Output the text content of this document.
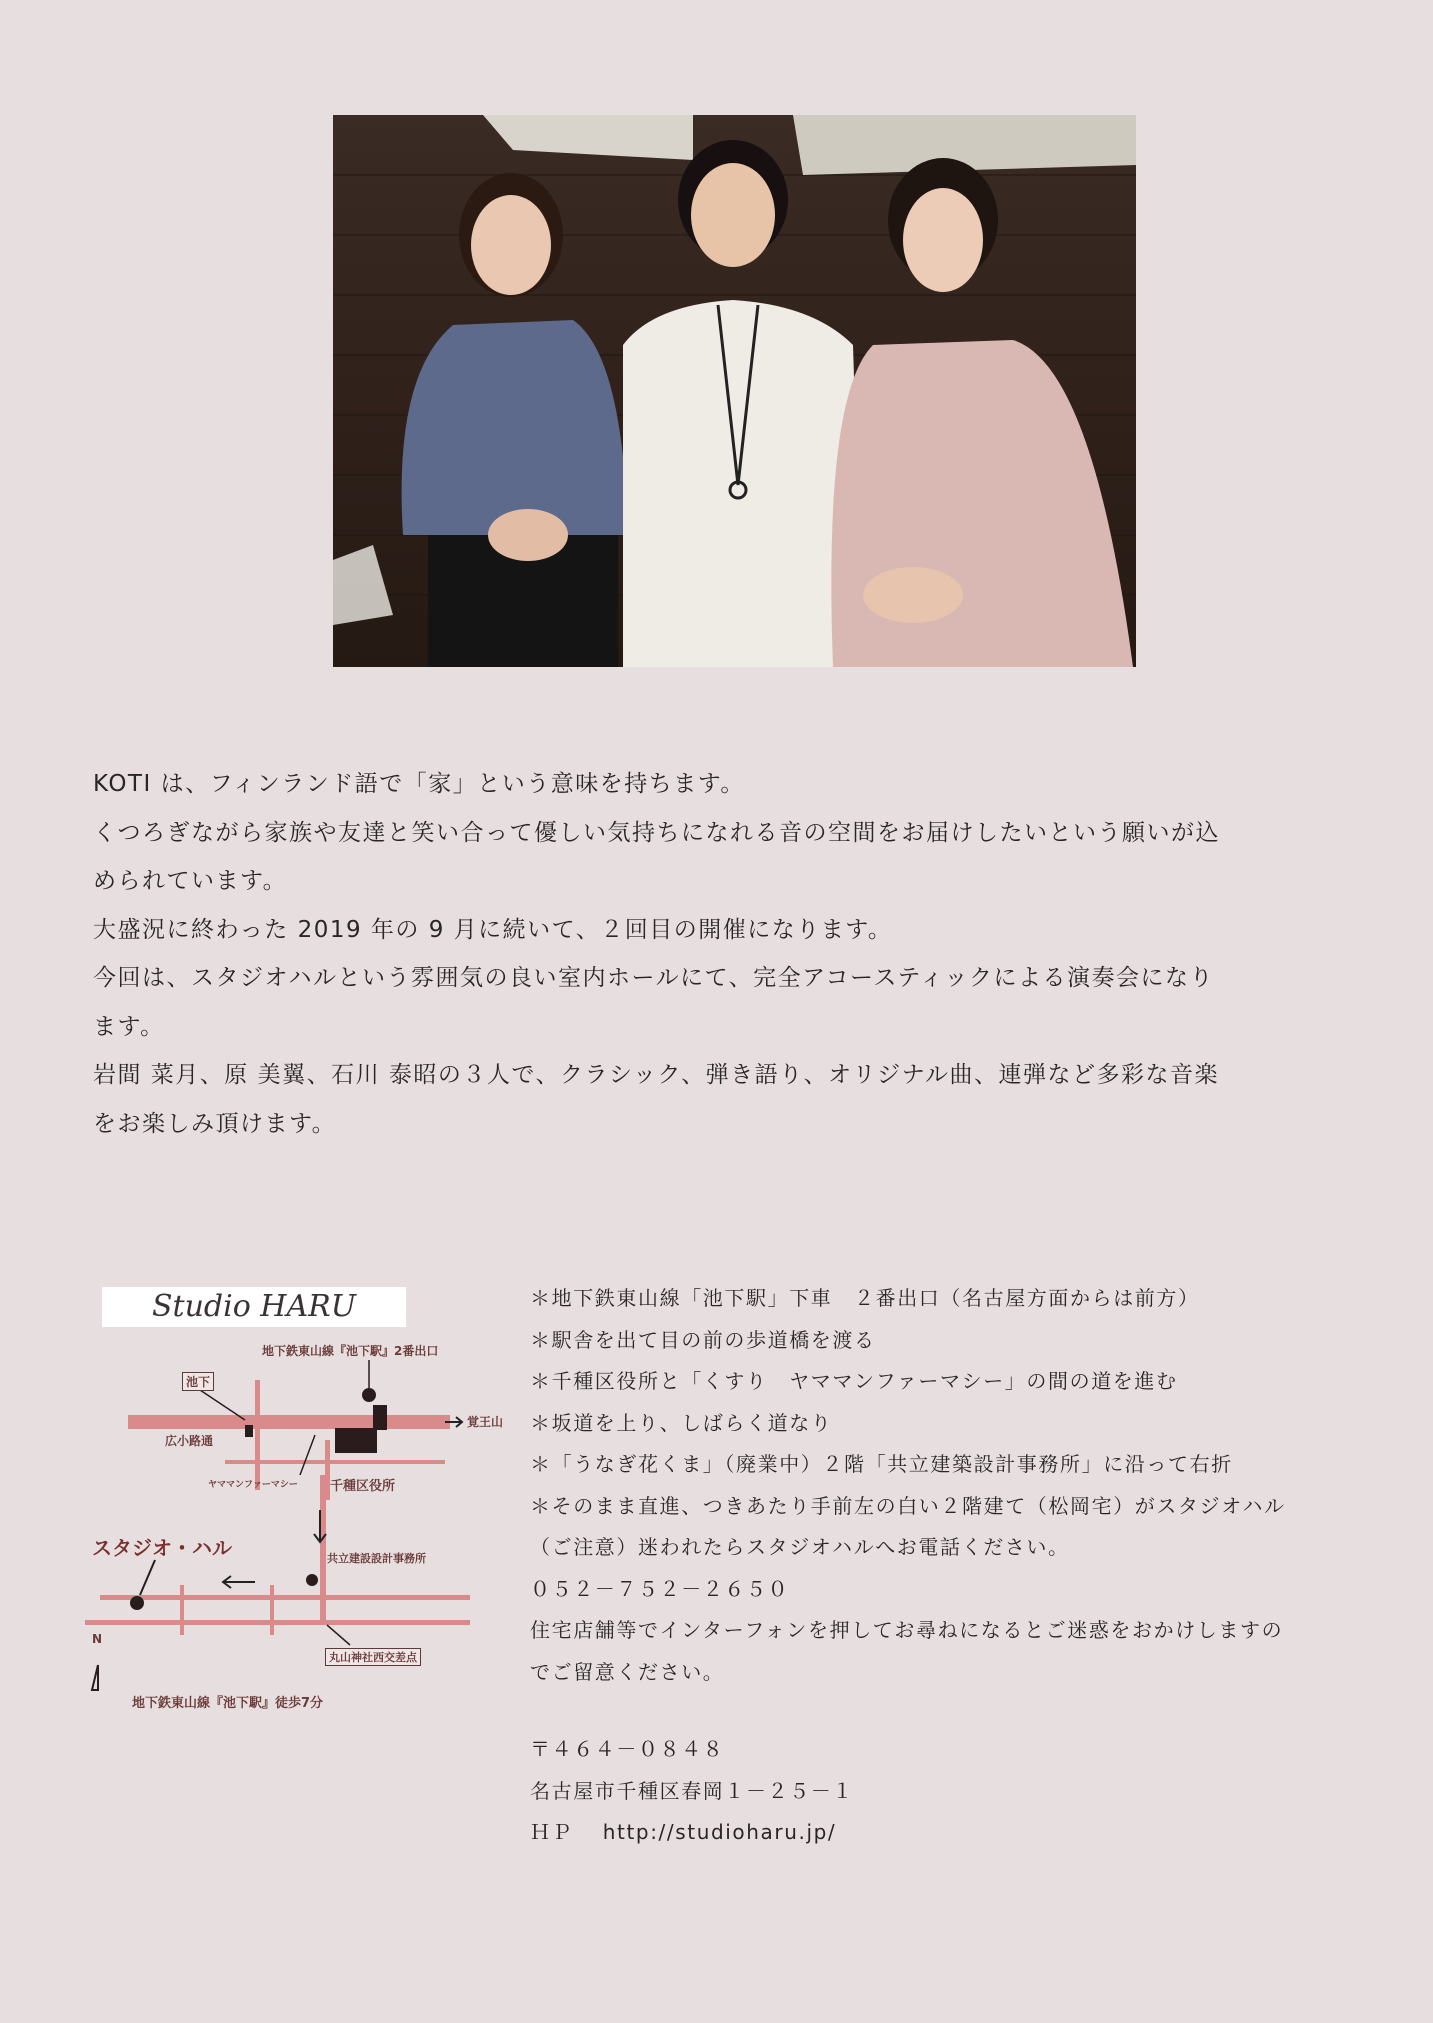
KOTI は、フィンランド語で「家」という意味を持ちます。

くつろぎながら家族や友達と笑い合って優しい気持ちになれる音の空間をお届けしたいという願いが込

められています。

大盛況に終わった 2019 年の 9 月に続いて、２回目の開催になります。

今回は、スタジオハルという雰囲気の良い室内ホールにて、完全アコースティックによる演奏会になり

ます。

岩間 菜月、原 美翼、石川 泰昭の３人で、クラシック、弾き語り、オリジナル曲、連弾など多彩な音楽

をお楽しみ頂けます。

Studio HARU
地下鉄東山線『池下駅』2番出口
池下
覚王山
広小路通
ヤママンファーマシー 千種区役所
共立建設設計事務所
スタジオ・ハル
丸山神社西交差点
N
地下鉄東山線『池下駅』徒歩7分

＊地下鉄東山線「池下駅」下車　２番出口（名古屋方面からは前方）

＊駅舎を出て目の前の歩道橋を渡る

＊千種区役所と「くすり　ヤママンファーマシー」の間の道を進む

＊坂道を上り、しばらく道なり

＊「うなぎ花くま」（廃業中）２階「共立建築設計事務所」に沿って右折

＊そのまま直進、つきあたり手前左の白い２階建て（松岡宅）がスタジオハル

（ご注意）迷われたらスタジオハルへお電話ください。

０５２－７５２－２６５０

住宅店舗等でインターフォンを押してお尋ねになるとご迷惑をおかけしますの

でご留意ください。

〒４６４－０８４８

名古屋市千種区春岡１－２５－１

ＨＰ　 http://studioharu.jp/
